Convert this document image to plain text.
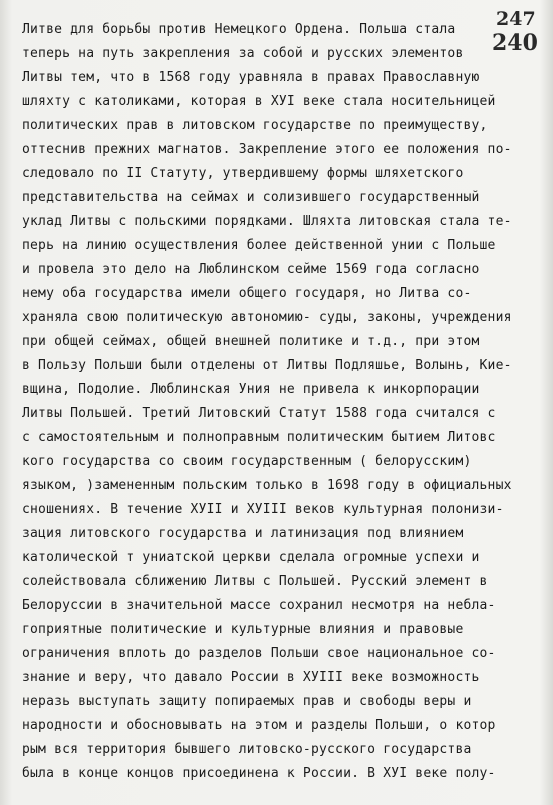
247
240
Литве для борьбы против Немецкого Ордена. Польша стала
теперь на путь закрепления за собой и русских элементов
Литвы тем, что в 1568 году уравняла в правах Православную
шляхту с католиками, которая в XУI веке стала носительницей
политических прав в литовском государстве по преимуществу,
оттеснив прежних магнатов. Закрепление этого ее положения по-
следовало по II Статуту, утвердившему формы шляхетского
представительства на сеймах и солизившего государственный
уклад Литвы с польскими порядками. Шляхта литовская стала те-
перь на линию осуществления более действенной унии с Польше
и провела это дело на Люблинском сейме 1569 года согласно
нему оба государства имели общего государя, но Литва со-
храняла свою политическую автономию- суды, законы, учреждения
при общей сеймах, общей внешней политике и т.д., при этом
в Пользу Польши были отделены от Литвы Подляшье, Волынь, Кие-
вщина, Подолие. Люблинская Уния не привела к инкорпорации
Литвы Польшей. Третий Литовский Статут 1588 года считался с
с самостоятельным и полноправным политическим бытием Литовс
кого государства со своим государственным ( белорусским)
языком, )замененным польским только в 1698 году в официальных
сношениях. В течение XУII и XУIII веков культурная полонизи-
зация литовского государства и латинизация под влиянием
католической т униатской церкви сделала огромные успехи и
солействовала сближению Литвы с Польшей. Русский элемент в
Белоруссии в значительной массе сохранил несмотря на небла-
гоприятные политические и культурные влияния и правовые
ограничения вплоть до разделов Польши свое национальное со-
знание и веру, что давало России в XУIII веке возможность
неразь выступать защиту попираемых прав и свободы веры и
народности и обосновывать на этом и разделы Польши, о котор
рым вся территория бывшего литовско-русского государства
была в конце концов присоединена к России. В XУI веке полу-
